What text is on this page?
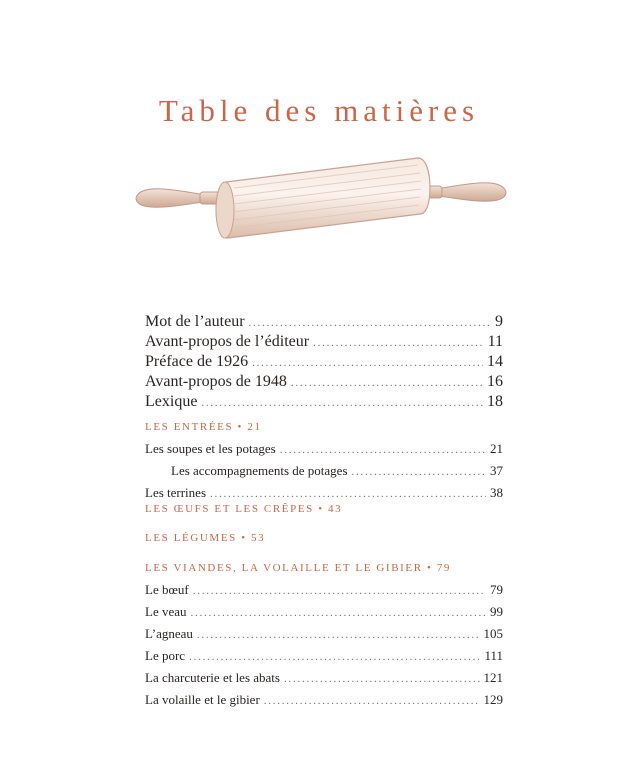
Table des matières
Mot de l’auteur . . .	9
Avant-propos de l’éditeur . . .	11
Préface de 1926 . . .	14
Avant-propos de 1948 . . .	16
Lexique . . .	18
LES ENTRÉES • 21
Les soupes et les potages . . .	21
Les accompagnements de potages . . .	37
Les terrines . . .	38
LES ŒUFS ET LES CRÊPES • 43
LES LÉGUMES • 53
LES VIANDES, LA VOLAILLE ET LE GIBIER • 79
Le bœuf . . .	79
Le veau . . .	99
L’agneau . . .	105
Le porc . . .	111
La charcuterie et les abats . . .	121
La volaille et le gibier . . .	129
